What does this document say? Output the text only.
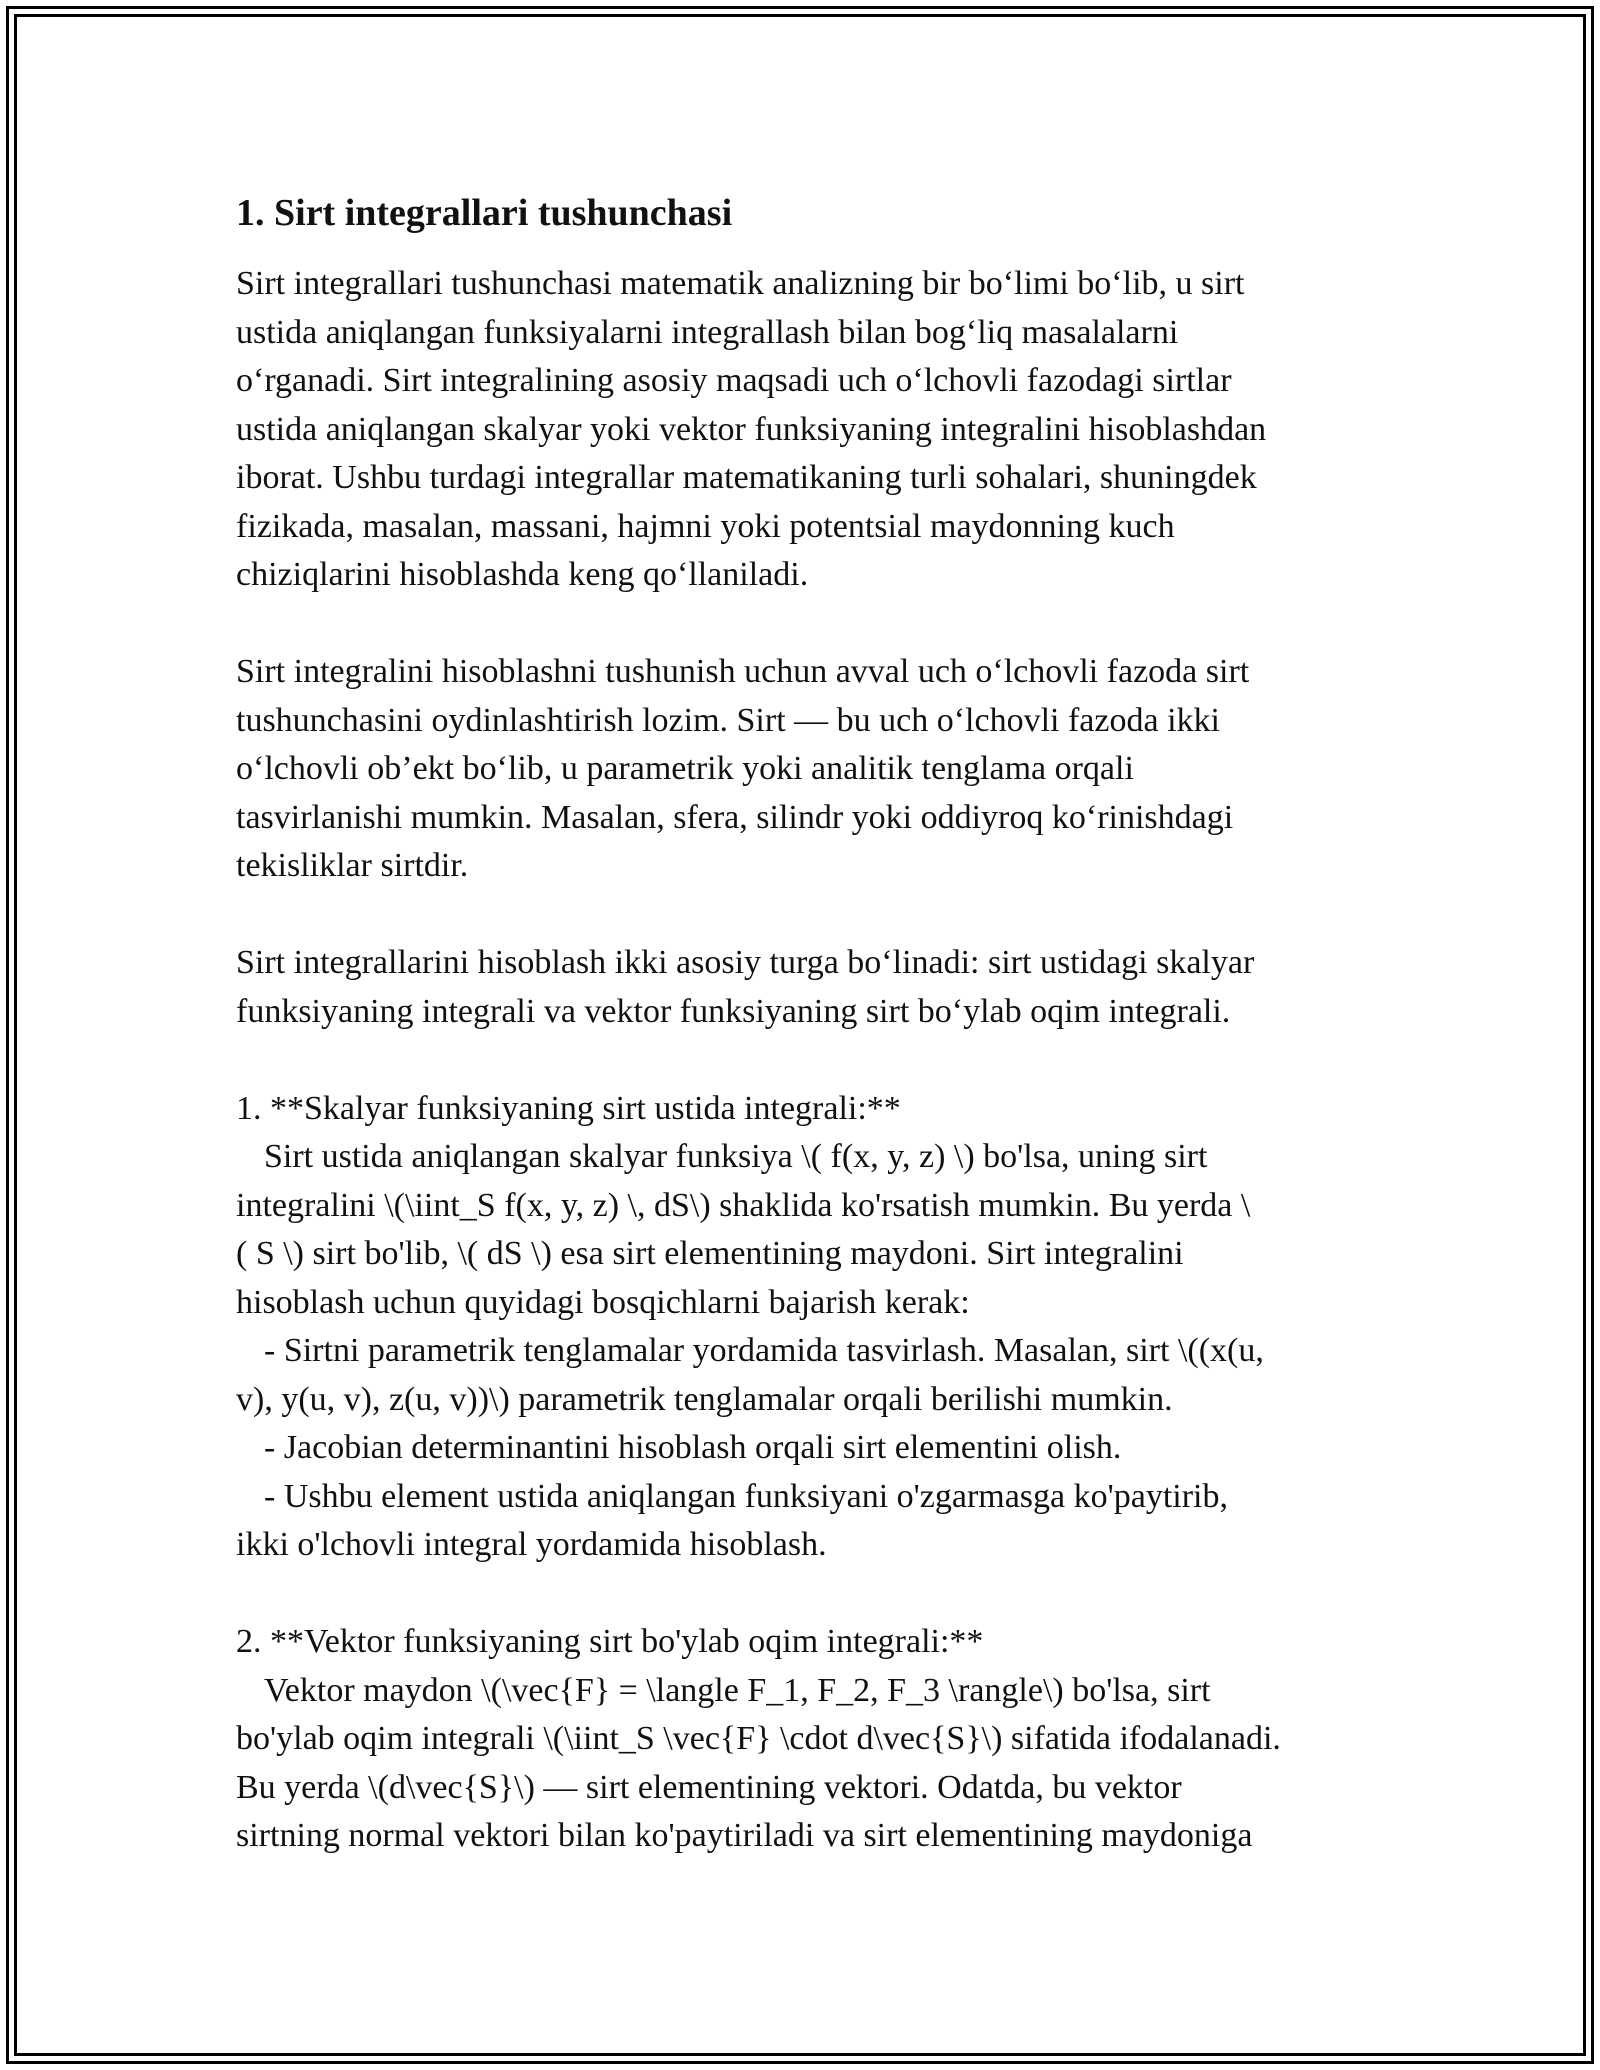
1. Sirt integrallari tushunchasi

Sirt integrallari tushunchasi matematik analizning bir bo‘limi bo‘lib, u sirt

ustida aniqlangan funksiyalarni integrallash bilan bog‘liq masalalarni

o‘rganadi. Sirt integralining asosiy maqsadi uch o‘lchovli fazodagi sirtlar

ustida aniqlangan skalyar yoki vektor funksiyaning integralini hisoblashdan

iborat. Ushbu turdagi integrallar matematikaning turli sohalari, shuningdek

fizikada, masalan, massani, hajmni yoki potentsial maydonning kuch

chiziqlarini hisoblashda keng qo‘llaniladi.

Sirt integralini hisoblashni tushunish uchun avval uch o‘lchovli fazoda sirt

tushunchasini oydinlashtirish lozim. Sirt — bu uch o‘lchovli fazoda ikki

o‘lchovli ob’ekt bo‘lib, u parametrik yoki analitik tenglama orqali

tasvirlanishi mumkin. Masalan, sfera, silindr yoki oddiyroq ko‘rinishdagi

tekisliklar sirtdir.

Sirt integrallarini hisoblash ikki asosiy turga bo‘linadi: sirt ustidagi skalyar

funksiyaning integrali va vektor funksiyaning sirt bo‘ylab oqim integrali.

1. **Skalyar funksiyaning sirt ustida integrali:**
Sirt ustida aniqlangan skalyar funksiya \( f(x, y, z) \) bo'lsa, uning sirt
integralini \(\iint_S f(x, y, z) \, dS\) shaklida ko'rsatish mumkin. Bu yerda \
( S \) sirt bo'lib, \( dS \) esa sirt elementining maydoni. Sirt integralini
hisoblash uchun quyidagi bosqichlarni bajarish kerak:
- Sirtni parametrik tenglamalar yordamida tasvirlash. Masalan, sirt \((x(u,
v), y(u, v), z(u, v))\) parametrik tenglamalar orqali berilishi mumkin.
- Jacobian determinantini hisoblash orqali sirt elementini olish.
- Ushbu element ustida aniqlangan funksiyani o'zgarmasga ko'paytirib,
ikki o'lchovli integral yordamida hisoblash.
2. **Vektor funksiyaning sirt bo'ylab oqim integrali:**
Vektor maydon \(\vec{F} = \langle F_1, F_2, F_3 \rangle\) bo'lsa, sirt
bo'ylab oqim integrali \(\iint_S \vec{F} \cdot d\vec{S}\) sifatida ifodalanadi.
Bu yerda \(d\vec{S}\) — sirt elementining vektori. Odatda, bu vektor
sirtning normal vektori bilan ko'paytiriladi va sirt elementining maydoniga
